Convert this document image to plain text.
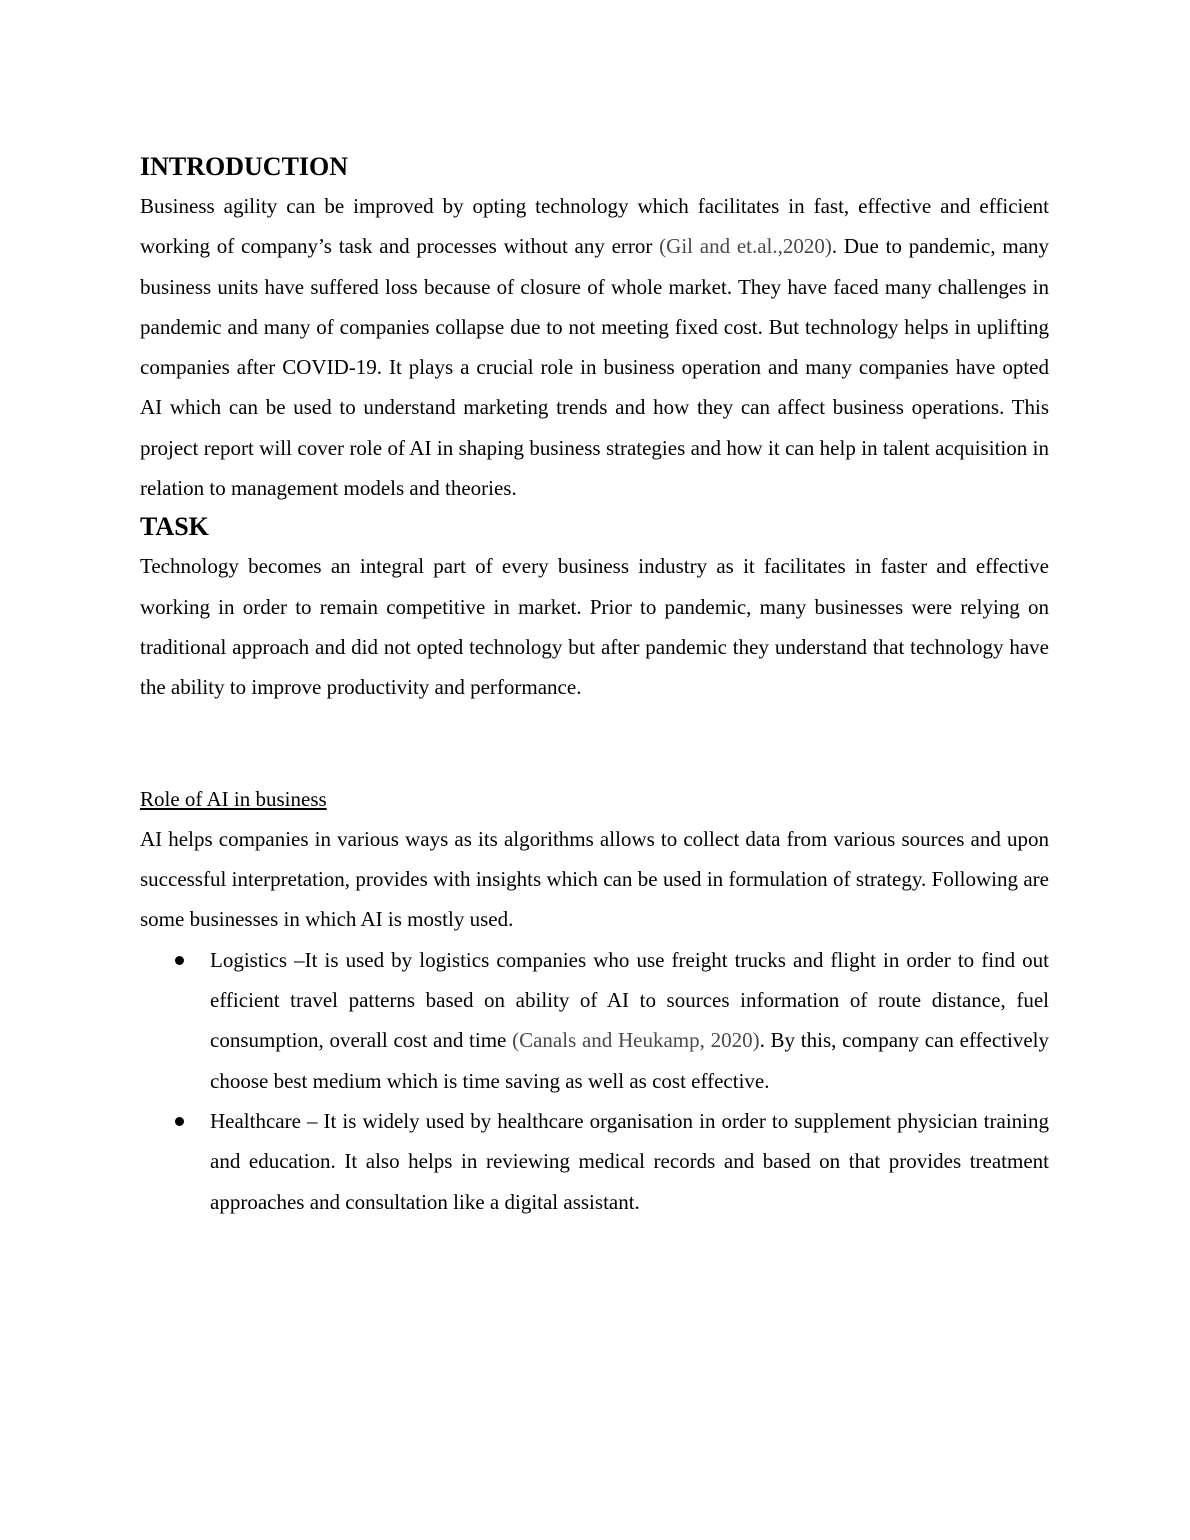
INTRODUCTION

Business agility can be improved by opting technology which facilitates in fast, effective and efficient working of company’s task and processes without any error (Gil and et.al.,2020). Due to pandemic, many business units have suffered loss because of closure of whole market. They have faced many challenges in pandemic and many of companies collapse due to not meeting fixed cost. But technology helps in uplifting companies after COVID-19. It plays a crucial role in business operation and many companies have opted AI which can be used to understand marketing trends and how they can affect business operations. This project report will cover role of AI in shaping business strategies and how it can help in talent acquisition in relation to management models and theories.

TASK

Technology becomes an integral part of every business industry as it facilitates in faster and effective working in order to remain competitive in market. Prior to pandemic, many businesses were relying on traditional approach and did not opted technology but after pandemic they understand that technology have the ability to improve productivity and performance.

Role of AI in business

AI helps companies in various ways as its algorithms allows to collect data from various sources and upon successful interpretation, provides with insights which can be used in formulation of strategy. Following are some businesses in which AI is mostly used.

Logistics –It is used by logistics companies who use freight trucks and flight in order to find out efficient travel patterns based on ability of AI to sources information of route distance, fuel consumption, overall cost and time (Canals and Heukamp, 2020). By this, company can effectively choose best medium which is time saving as well as cost effective.
Healthcare – It is widely used by healthcare organisation in order to supplement physician training and education. It also helps in reviewing medical records and based on that provides treatment approaches and consultation like a digital assistant.
